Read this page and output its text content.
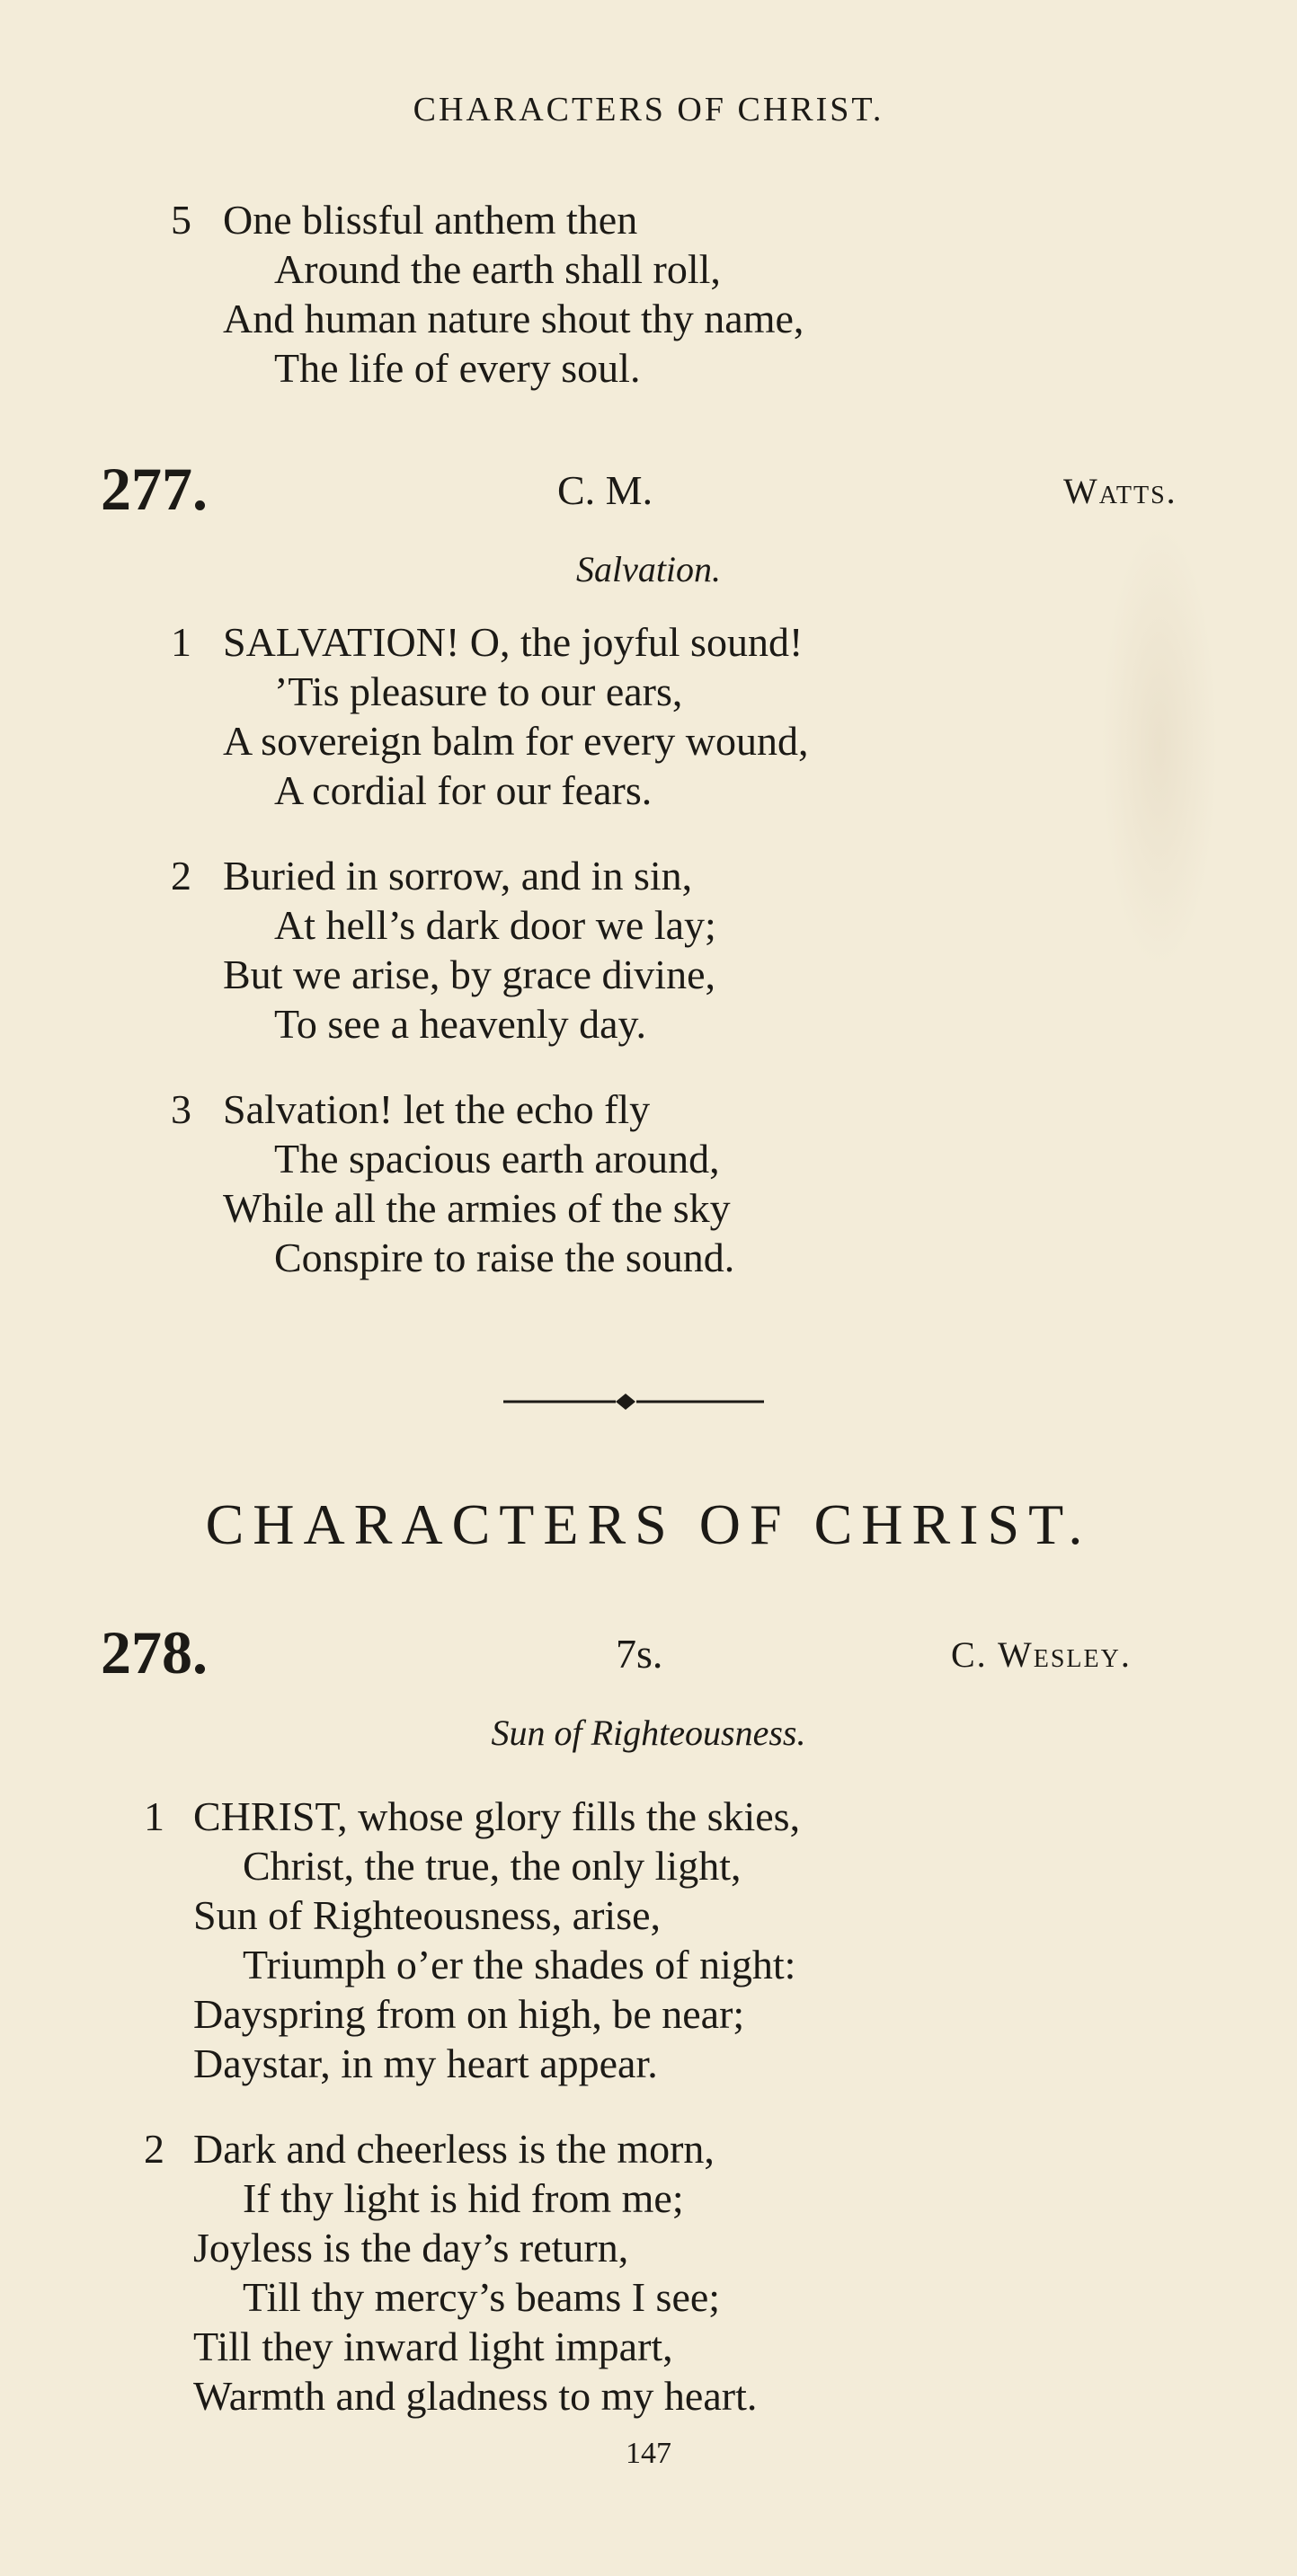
CHARACTERS OF CHRIST.
5 One blissful anthem then
Around the earth shall roll,
And human nature shout thy name,
The life of every soul.
277.	C. M.	Watts.
Salvation.
1 SALVATION! O, the joyful sound!
’Tis pleasure to our ears,
A sovereign balm for every wound,
A cordial for our fears.
2 Buried in sorrow, and in sin,
At hell’s dark door we lay;
But we arise, by grace divine,
To see a heavenly day.
3 Salvation! let the echo fly
The spacious earth around,
While all the armies of the sky
Conspire to raise the sound.
CHARACTERS OF CHRIST.
278.	7s.	C. Wesley.
Sun of Righteousness.
1 CHRIST, whose glory fills the skies,
Christ, the true, the only light,
Sun of Righteousness, arise,
Triumph o’er the shades of night:
Dayspring from on high, be near;
Daystar, in my heart appear.
2 Dark and cheerless is the morn,
If thy light is hid from me;
Joyless is the day’s return,
Till thy mercy’s beams I see;
Till they inward light impart,
Warmth and gladness to my heart.
147
